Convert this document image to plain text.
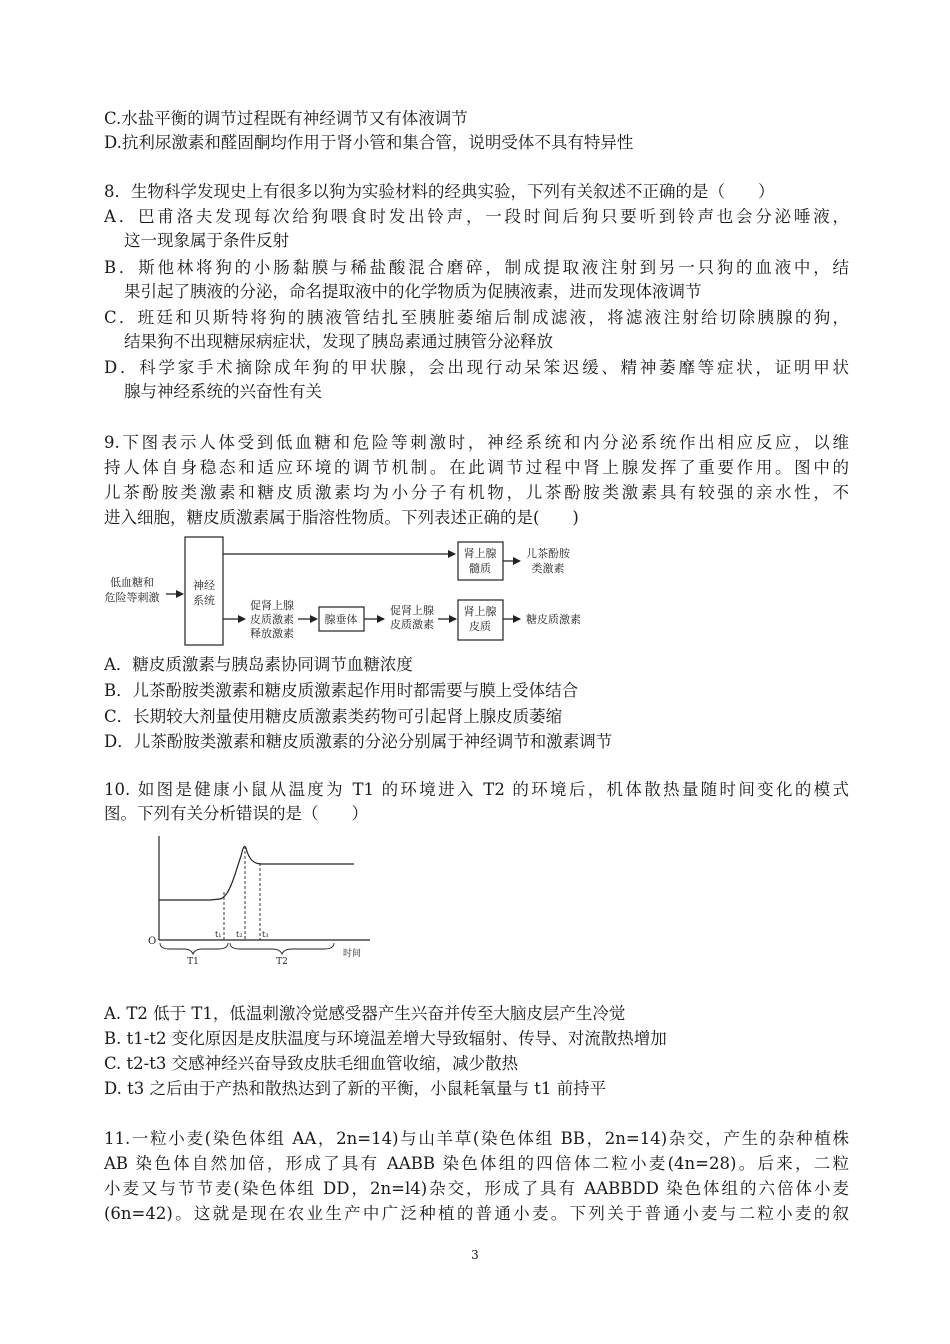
C.水盐平衡的调节过程既有神经调节又有体液调节
D.抗利尿激素和醛固酮均作用于肾小管和集合管，说明受体不具有特异性
8．生物科学发现史上有很多以狗为实验材料的经典实验，下列有关叙述不正确的是（　　）
A．巴甫洛夫发现每次给狗喂食时发出铃声，一段时间后狗只要听到铃声也会分泌唾液，
这一现象属于条件反射
B．斯他林将狗的小肠黏膜与稀盐酸混合磨碎，制成提取液注射到另一只狗的血液中，结
果引起了胰液的分泌，命名提取液中的化学物质为促胰液素，进而发现体液调节
C．班廷和贝斯特将狗的胰液管结扎至胰脏萎缩后制成滤液，将滤液注射给切除胰腺的狗，
结果狗不出现糖尿病症状，发现了胰岛素通过胰管分泌释放
D．科学家手术摘除成年狗的甲状腺，会出现行动呆笨迟缓、精神萎靡等症状，证明甲状
腺与神经系统的兴奋性有关
9.下图表示人体受到低血糖和危险等刺激时，神经系统和内分泌系统作出相应反应，以维
持人体自身稳态和适应环境的调节机制。在此调节过程中肾上腺发挥了重要作用。图中的
儿茶酚胺类激素和糖皮质激素均为小分子有机物，儿茶酚胺类激素具有较强的亲水性，不
进入细胞，糖皮质激素属于脂溶性物质。下列表述正确的是(　　)
低血糖和
危险等刺激
神经
系统
肾上腺
髓质
儿茶酚胺
类激素
促肾上腺
皮质激素
释放激素
腺垂体
促肾上腺
皮质激素
肾上腺
皮质
糖皮质激素
A．糖皮质激素与胰岛素协同调节血糖浓度
B．儿茶酚胺类激素和糖皮质激素起作用时都需要与膜上受体结合
C．长期较大剂量使用糖皮质激素类药物可引起肾上腺皮质萎缩
D．儿茶酚胺类激素和糖皮质激素的分泌分别属于神经调节和激素调节
10. 如图是健康小鼠从温度为 T1 的环境进入 T2 的环境后，机体散热量随时间变化的模式
图。下列有关分析错误的是（　　）
O
t₁ t₂ t₃
T1	T2
时间
A. T2 低于 T1，低温刺激冷觉感受器产生兴奋并传至大脑皮层产生冷觉
B. t1-t2 变化原因是皮肤温度与环境温差增大导致辐射、传导、对流散热增加
C. t2-t3 交感神经兴奋导致皮肤毛细血管收缩，减少散热
D. t3 之后由于产热和散热达到了新的平衡，小鼠耗氧量与 t1 前持平
11.一粒小麦(染色体组 AA，2n=14)与山羊草(染色体组 BB，2n=14)杂交，产生的杂种植株
AB 染色体自然加倍，形成了具有 AABB 染色体组的四倍体二粒小麦(4n=28)。后来，二粒
小麦又与节节麦(染色体组 DD，2n=l4)杂交，形成了具有 AABBDD 染色体组的六倍体小麦
(6n=42)。这就是现在农业生产中广泛种植的普通小麦。下列关于普通小麦与二粒小麦的叙
3
